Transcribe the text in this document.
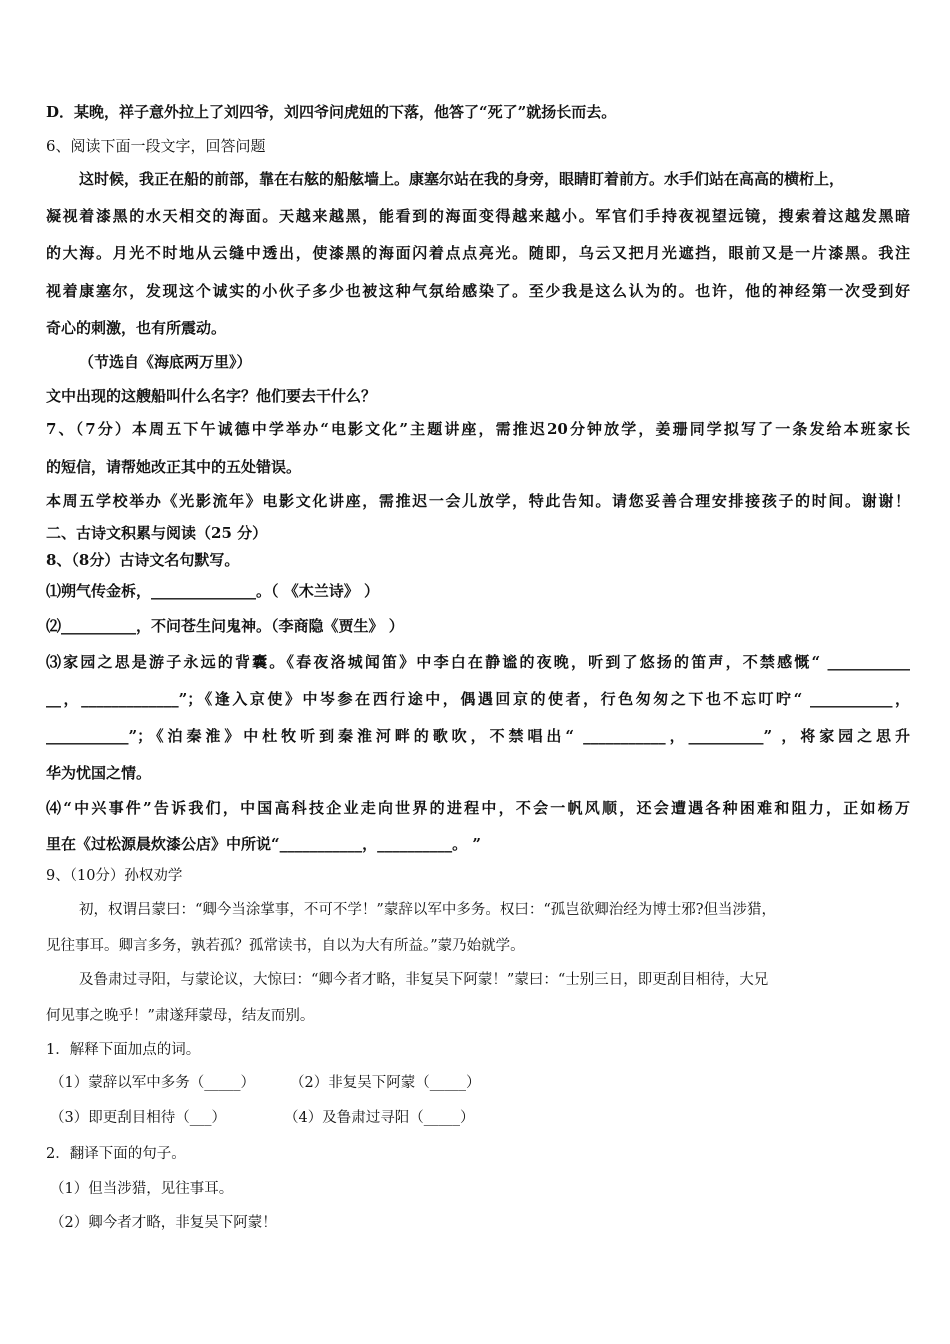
D．某晚，祥子意外拉上了刘四爷，刘四爷问虎妞的下落，他答了“死了”就扬长而去。
6、阅读下面一段文字，回答问题
这时候，我正在船的前部，靠在右舷的船舷墙上。康塞尔站在我的身旁，眼睛盯着前方。水手们站在高高的横桁上，
凝视着漆黑的水天相交的海面。天越来越黑，能看到的海面变得越来越小。军官们手持夜视望远镜，搜索着这越发黑暗
的大海。月光不时地从云缝中透出，使漆黑的海面闪着点点亮光。随即，乌云又把月光遮挡，眼前又是一片漆黑。我注
视着康塞尔，发现这个诚实的小伙子多少也被这种气氛给感染了。至少我是这么认为的。也许，他的神经第一次受到好
奇心的刺激，也有所震动。
（节选自《海底两万里》）
文中出现的这艘船叫什么名字？他们要去干什么？
7、（7分）本周五下午诚德中学举办“电影文化”主题讲座，需推迟20分钟放学，姜珊同学拟写了一条发给本班家长
的短信，请帮她改正其中的五处错误。
本周五学校举办《光影流年》电影文化讲座，需推迟一会儿放学，特此告知。请您妥善合理安排接孩子的时间。谢谢！
二、古诗文积累与阅读（25 分）
8、（8分）古诗文名句默写。
⑴朔气传金柝，______________。（ 《木兰诗》 ）
⑵__________，不问苍生问鬼神。（李商隐《贾生》 ）
⑶家园之思是游子永远的背囊。《春夜洛城闻笛》中李白在静谧的夜晚，听到了悠扬的笛声，不禁感慨“ ___________
__，_____________”；《逢入京使》中岑参在西行途中，偶遇回京的使者，行色匆匆之下也不忘叮咛“ ___________，
___________”；《泊秦淮》中杜牧听到秦淮河畔的歌吹，不禁唱出“ ___________，__________” ，将家园之思升
华为忧国之情。
⑷“中兴事件”告诉我们，中国高科技企业走向世界的进程中，不会一帆风顺，还会遭遇各种困难和阻力，正如杨万
里在《过松源晨炊漆公店》中所说“___________，__________。 ”
9、（10分）孙权劝学
初，权谓吕蒙曰：“卿今当涂掌事，不可不学！”蒙辞以军中多务。权曰：“孤岂欲卿治经为博士邪?但当涉猎，
见往事耳。卿言多务，孰若孤？孤常读书，自以为大有所益。”蒙乃始就学。
及鲁肃过寻阳，与蒙论议，大惊曰：“卿今者才略，非复吴下阿蒙！”蒙曰：“士别三日，即更刮目相待，大兄
何见事之晚乎！”肃遂拜蒙母，结友而别。
1．解释下面加点的词。
（1）蒙辞以军中多务（_____） （2）非复吴下阿蒙（_____）
（3）即更刮目相待（___）	（4）及鲁肃过寻阳（_____）
2．翻译下面的句子。
（1）但当涉猎，见往事耳。
（2）卿今者才略，非复吴下阿蒙！
